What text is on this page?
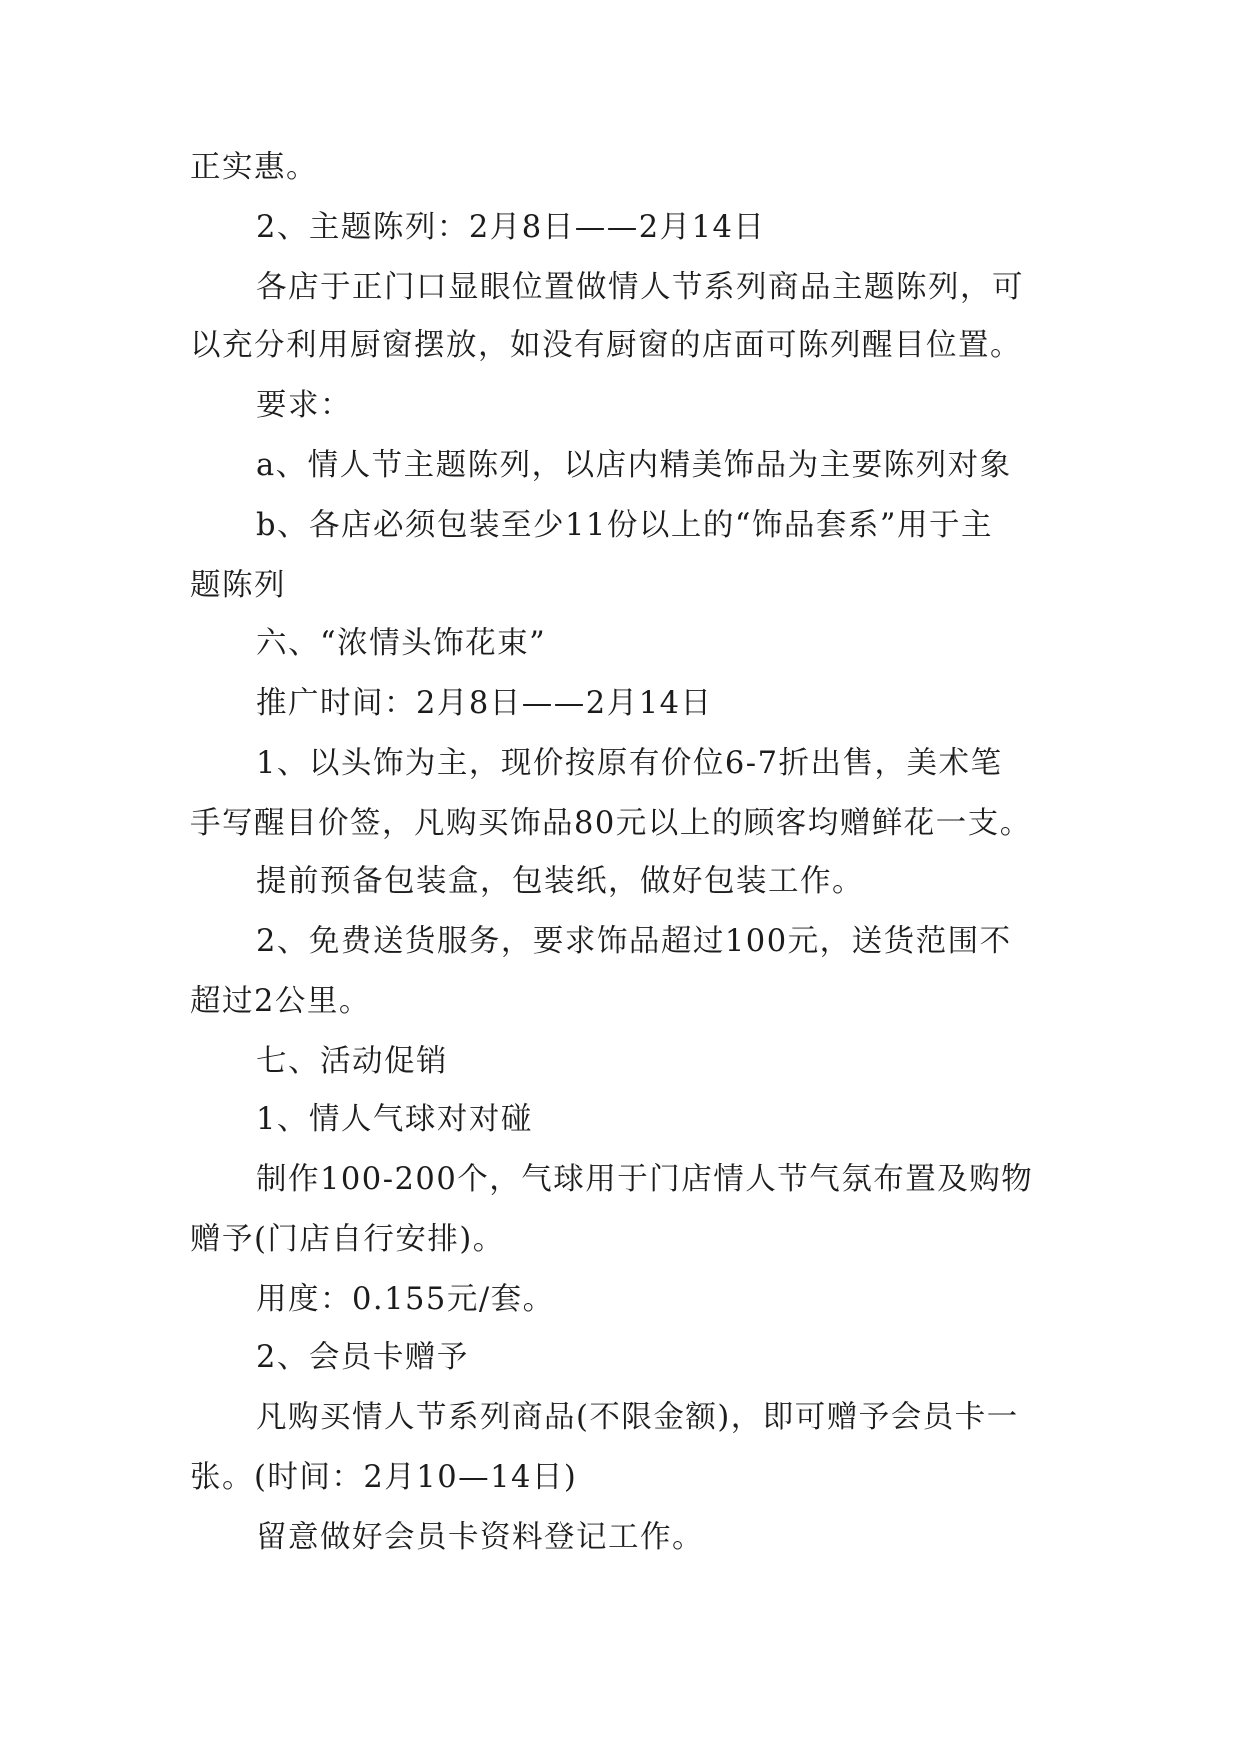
正实惠。

2、主题陈列：2月8日——2月14日

各店于正门口显眼位置做情人节系列商品主题陈列，可

以充分利用厨窗摆放，如没有厨窗的店面可陈列醒目位置。

要求：

a、情人节主题陈列，以店内精美饰品为主要陈列对象

b、各店必须包装至少11份以上的“饰品套系”用于主

题陈列

六、“浓情头饰花束”

推广时间：2月8日——2月14日

1、以头饰为主，现价按原有价位6-7折出售，美术笔

手写醒目价签，凡购买饰品80元以上的顾客均赠鲜花一支。

提前预备包装盒，包装纸，做好包装工作。

2、免费送货服务，要求饰品超过100元，送货范围不

超过2公里。

七、活动促销

1、情人气球对对碰

制作100-200个，气球用于门店情人节气氛布置及购物

赠予(门店自行安排)。

用度：0.155元/套。

2、会员卡赠予

凡购买情人节系列商品(不限金额)，即可赠予会员卡一

张。(时间：2月10—14日)

留意做好会员卡资料登记工作。
